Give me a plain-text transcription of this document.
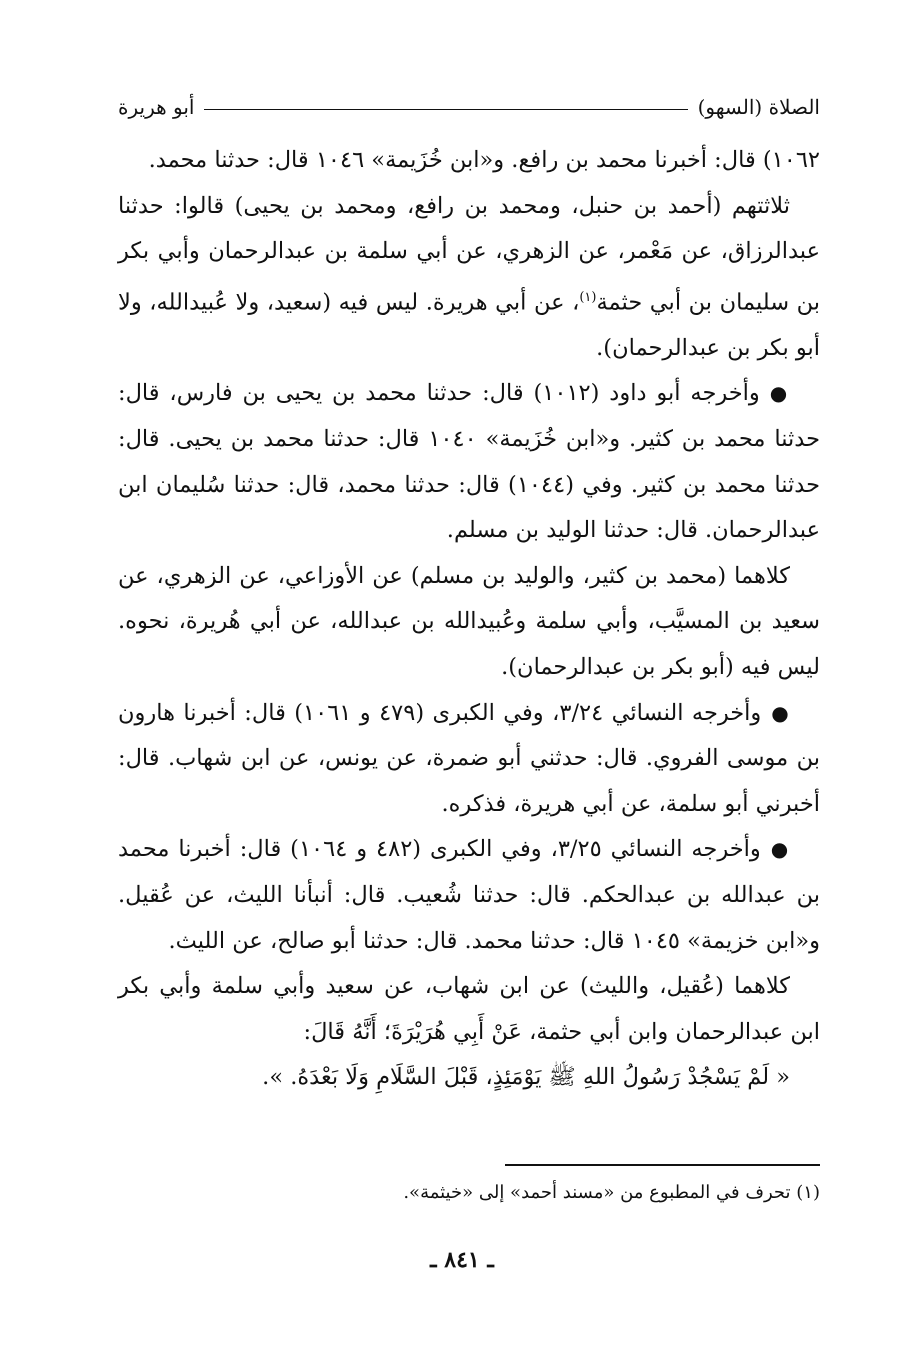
الصلاة (السهو)
أبو هريرة

١٠٦٢) قال: أخبرنا محمد بن رافع. و«ابن خُزَيمة» ١٠٤٦ قال: حدثنا محمد.

ثلاثتهم (أحمد بن حنبل، ومحمد بن رافع، ومحمد بن يحيى) قالوا: حدثنا عبدالرزاق، عن مَعْمر، عن الزهري، عن أبي سلمة بن عبدالرحمان وأبي بكر بن سليمان بن أبي حثمة$^{(١)}$، عن أبي هريرة. ليس فيه (سعيد، ولا عُبيدالله، ولا أبو بكر بن عبدالرحمان).

●وأخرجه أبو داود (١٠١٢) قال: حدثنا محمد بن يحيى بن فارس، قال: حدثنا محمد بن كثير. و«ابن خُزَيمة» ١٠٤٠ قال: حدثنا محمد بن يحيى. قال: حدثنا محمد بن كثير. وفي (١٠٤٤) قال: حدثنا محمد، قال: حدثنا سُليمان ابن عبدالرحمان. قال: حدثنا الوليد بن مسلم.

كلاهما (محمد بن كثير، والوليد بن مسلم) عن الأوزاعي، عن الزهري، عن سعيد بن المسيَّب، وأبي سلمة وعُبيدالله بن عبدالله، عن أبي هُريرة، نحوه. ليس فيه (أبو بكر بن عبدالرحمان).

●وأخرجه النسائي ٣/٢٤، وفي الكبرى (٤٧٩ و ١٠٦١) قال: أخبرنا هارون بن موسى الفروي. قال: حدثني أبو ضمرة، عن يونس، عن ابن شهاب. قال: أخبرني أبو سلمة، عن أبي هريرة، فذكره.

●وأخرجه النسائي ٣/٢٥، وفي الكبرى (٤٨٢ و ١٠٦٤) قال: أخبرنا محمد بن عبدالله بن عبدالحكم. قال: حدثنا شُعيب. قال: أنبأنا الليث، عن عُقيل. و«ابن خزيمة» ١٠٤٥ قال: حدثنا محمد. قال: حدثنا أبو صالح، عن الليث.

كلاهما (عُقيل، والليث) عن ابن شهاب، عن سعيد وأبي سلمة وأبي بكر ابن عبدالرحمان وابن أبي حثمة، عَنْ أَبِي هُرَيْرَةَ؛ أَنَّهُ قَالَ:

« لَمْ يَسْجُدْ رَسُولُ اللهِ ﷺ يَوْمَئِذٍ، قَبْلَ السَّلَامِ وَلَا بَعْدَهُ. ».

(١) تحرف في المطبوع من «مسند أحمد» إلى «خيثمة».
ـ ٨٤١ ـ
